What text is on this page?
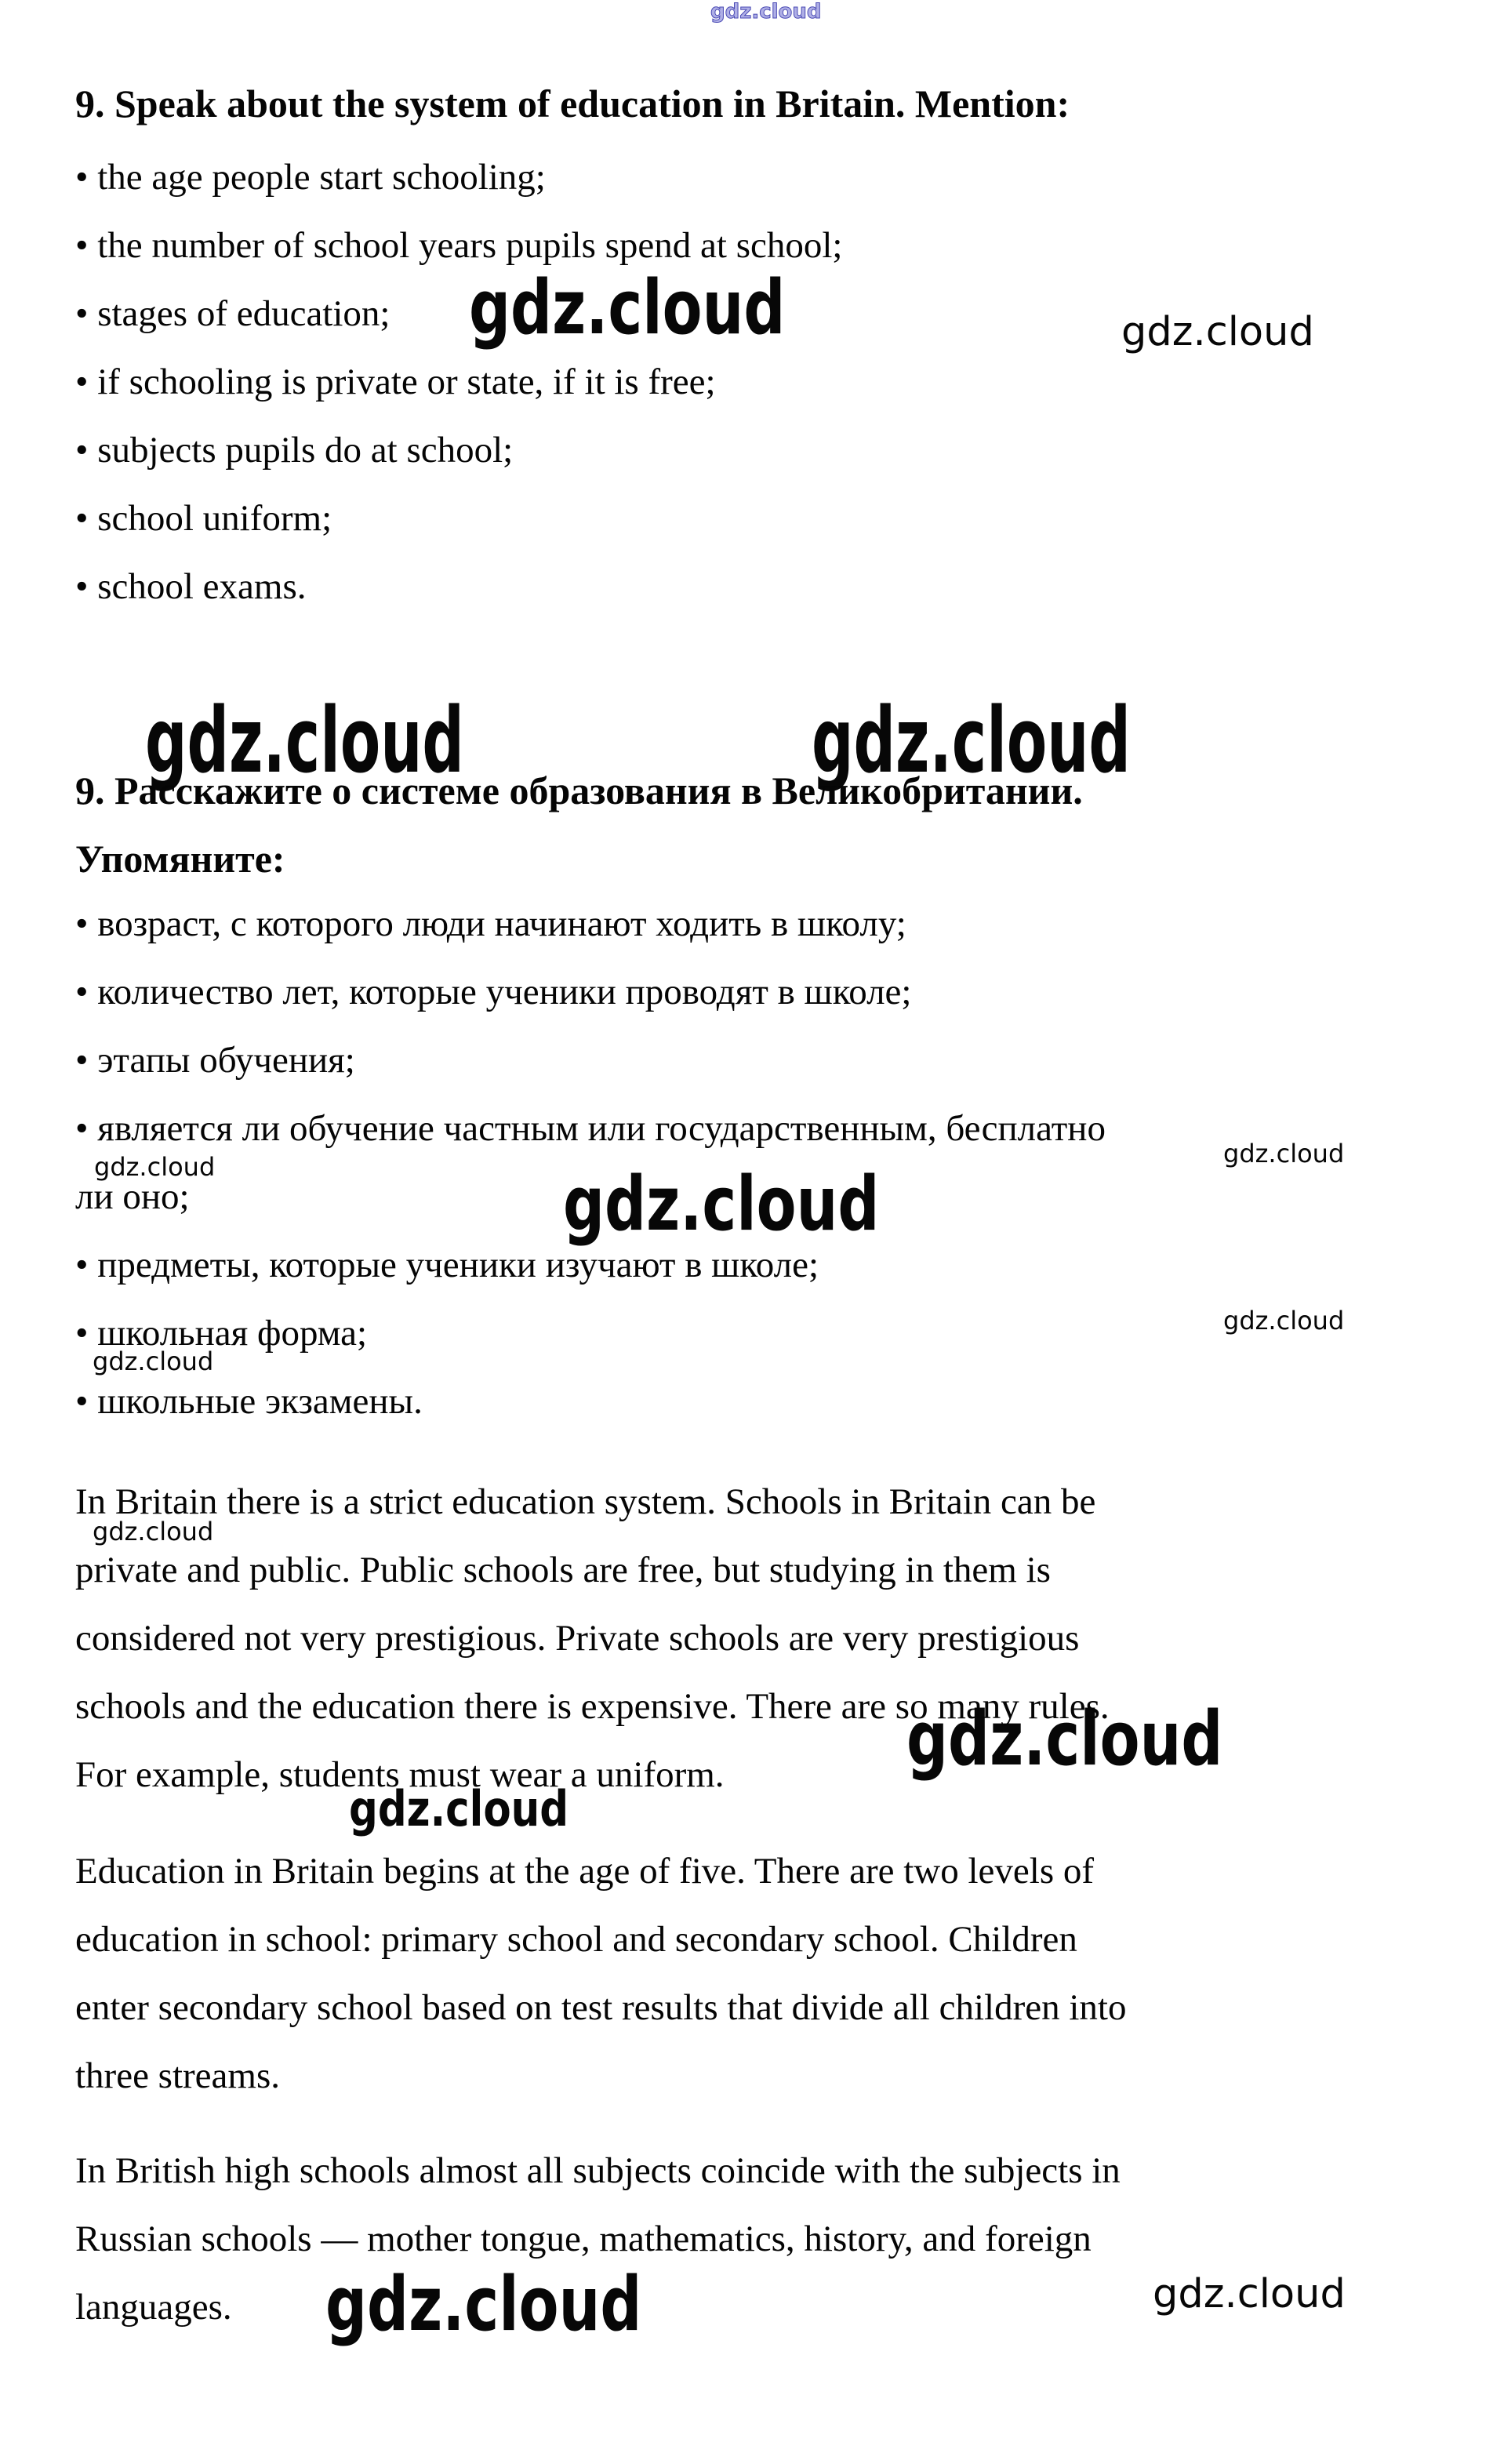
gdz.cloud
gdz.cloud	gdz.cloud
gdz.cloud	gdz.cloud
gdz.cloud
gdz.cloud	gdz.cloud
gdz.cloud
gdz.cloud
gdz.cloud
gdz.cloud
gdz.cloud
gdz.cloud	gdz.cloud
9. Speak about the system of education in Britain. Mention:
• the age people start schooling;
• the number of school years pupils spend at school;
• stages of education;
• if schooling is private or state, if it is free;
• subjects pupils do at school;
• school uniform;
• school exams.
9. Расскажите о системе образования в Великобритании.
Упомяните:
• возраст, с которого люди начинают ходить в школу;
• количество лет, которые ученики проводят в школе;
• этапы обучения;
• является ли обучение частным или государственным, бесплатно
ли оно;
• предметы, которые ученики изучают в школе;
• школьная форма;
• школьные экзамены.
In Britain there is a strict education system. Schools in Britain can be
private and public. Public schools are free, but studying in them is
considered not very prestigious. Private schools are very prestigious
schools and the education there is expensive. There are so many rules.
For example, students must wear a uniform.
Education in Britain begins at the age of five. There are two levels of
education in school: primary school and secondary school. Children
enter secondary school based on test results that divide all children into
three streams.
In British high schools almost all subjects coincide with the subjects in
Russian schools — mother tongue, mathematics, history, and foreign
languages.
